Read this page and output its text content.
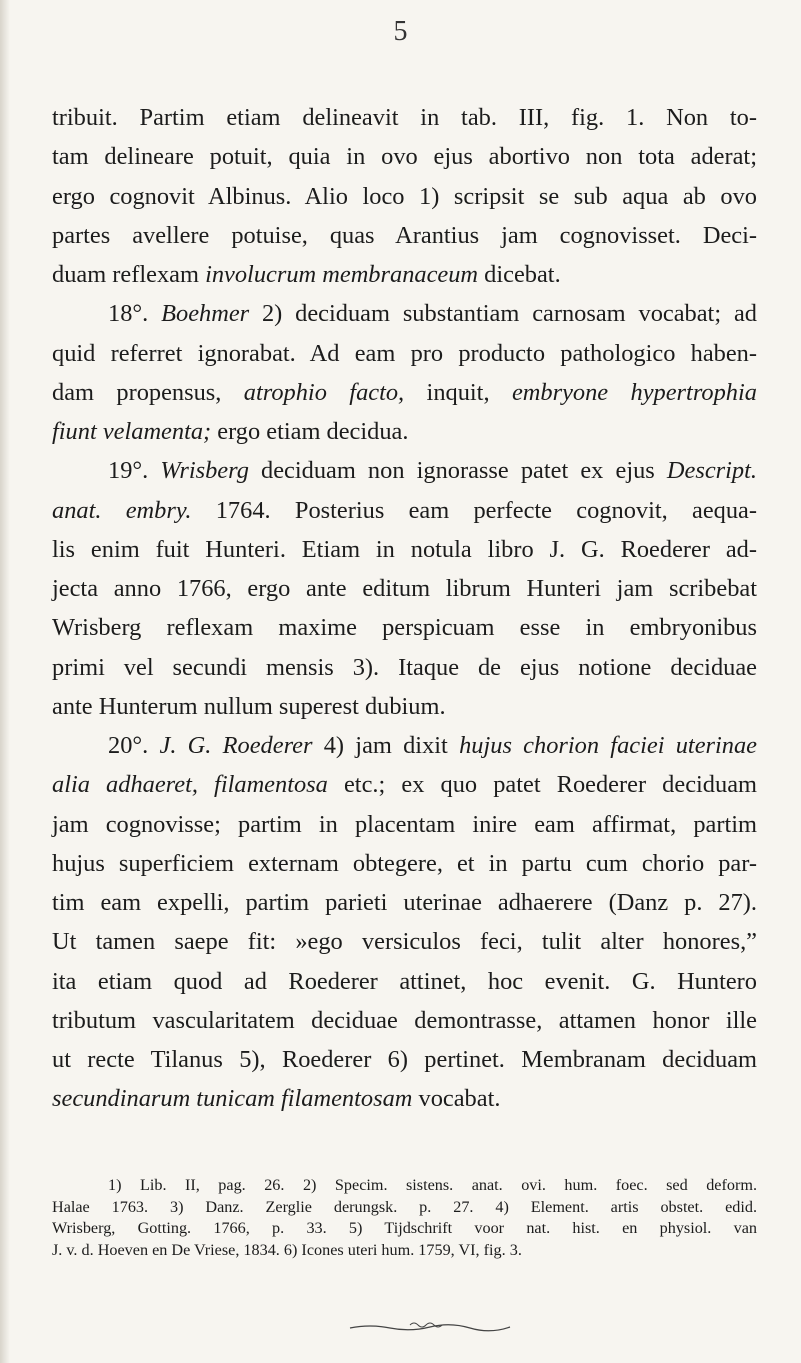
5
tribuit. Partim etiam delineavit in tab. III, fig. 1. Non to-
tam delineare potuit, quia in ovo ejus abortivo non tota aderat;
ergo cognovit Albinus. Alio loco 1) scripsit se sub aqua ab ovo
partes avellere potuise, quas Arantius jam cognovisset. Deci-
duam reflexam involucrum membranaceum dicebat.
18°. Boehmer 2) deciduam substantiam carnosam vocabat; ad
quid referret ignorabat. Ad eam pro producto pathologico haben-
dam propensus, atrophio facto, inquit, embryone hypertrophia
fiunt velamenta; ergo etiam decidua.
19°. Wrisberg deciduam non ignorasse patet ex ejus Descript.
anat. embry. 1764. Posterius eam perfecte cognovit, aequa-
lis enim fuit Hunteri. Etiam in notula libro J. G. Roederer ad-
jecta anno 1766, ergo ante editum librum Hunteri jam scribebat
Wrisberg reflexam maxime perspicuam esse in embryonibus
primi vel secundi mensis 3). Itaque de ejus notione deciduae
ante Hunterum nullum superest dubium.
20°. J. G. Roederer 4) jam dixit hujus chorion faciei uterinae
alia adhaeret, filamentosa etc.; ex quo patet Roederer deciduam
jam cognovisse; partim in placentam inire eam affirmat, partim
hujus superficiem externam obtegere, et in partu cum chorio par-
tim eam expelli, partim parieti uterinae adhaerere (Danz p. 27).
Ut tamen saepe fit: »ego versiculos feci, tulit alter honores,”
ita etiam quod ad Roederer attinet, hoc evenit. G. Huntero
tributum vascularitatem deciduae demontrasse, attamen honor ille
ut recte Tilanus 5), Roederer 6) pertinet. Membranam deciduam
secundinarum tunicam filamentosam vocabat.
1) Lib. II, pag. 26. 2) Specim. sistens. anat. ovi. hum. foec. sed deform.
Halae 1763. 3) Danz. Zerglie derungsk. p. 27. 4) Element. artis obstet. edid.
Wrisberg, Gotting. 1766, p. 33. 5) Tijdschrift voor nat. hist. en physiol. van
J. v. d. Hoeven en De Vriese, 1834. 6) Icones uteri hum. 1759, VI, fig. 3.
